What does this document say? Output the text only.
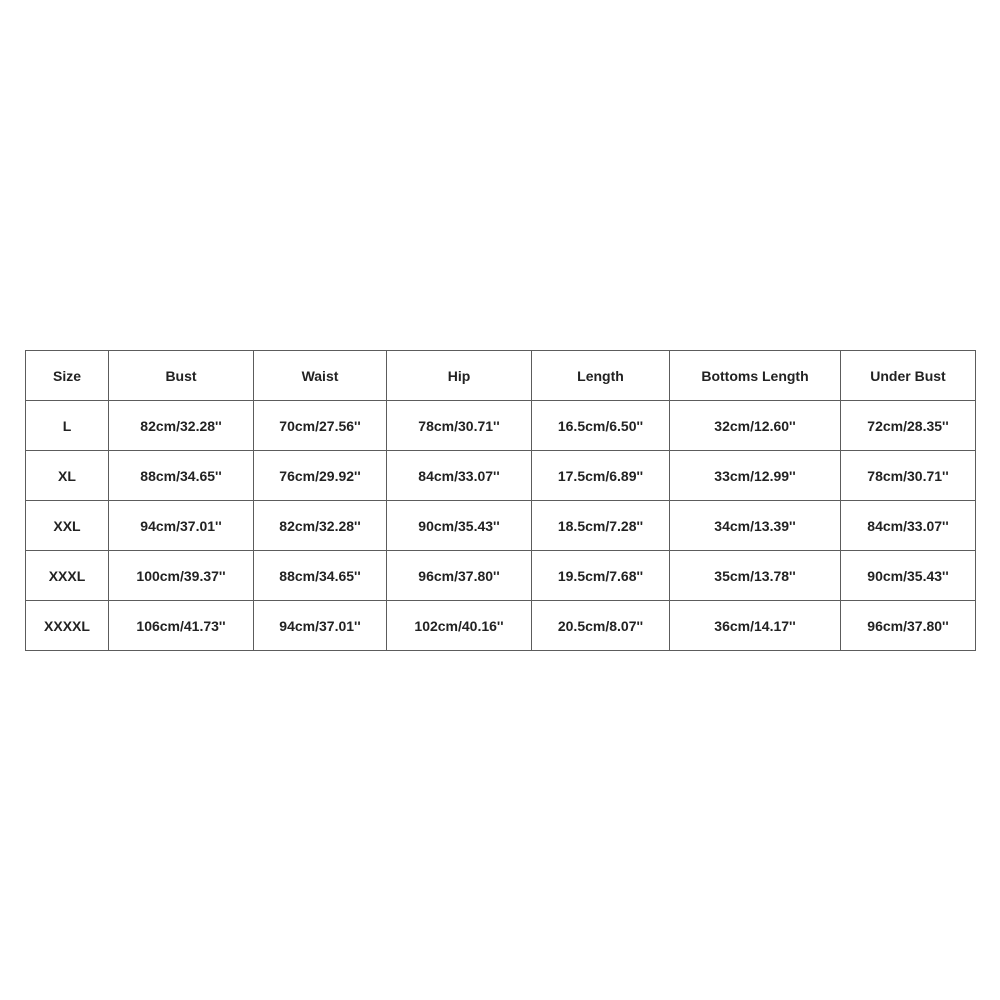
Size	Bust	Waist	Hip	Length	Bottoms Length	Under Bust
L	82cm/32.28''	70cm/27.56''	78cm/30.71''	16.5cm/6.50''	32cm/12.60''	72cm/28.35''
XL	88cm/34.65''	76cm/29.92''	84cm/33.07''	17.5cm/6.89''	33cm/12.99''	78cm/30.71''
XXL	94cm/37.01''	82cm/32.28''	90cm/35.43''	18.5cm/7.28''	34cm/13.39''	84cm/33.07''
XXXL	100cm/39.37''	88cm/34.65''	96cm/37.80''	19.5cm/7.68''	35cm/13.78''	90cm/35.43''
XXXXL	106cm/41.73''	94cm/37.01''	102cm/40.16''	20.5cm/8.07''	36cm/14.17''	96cm/37.80''
